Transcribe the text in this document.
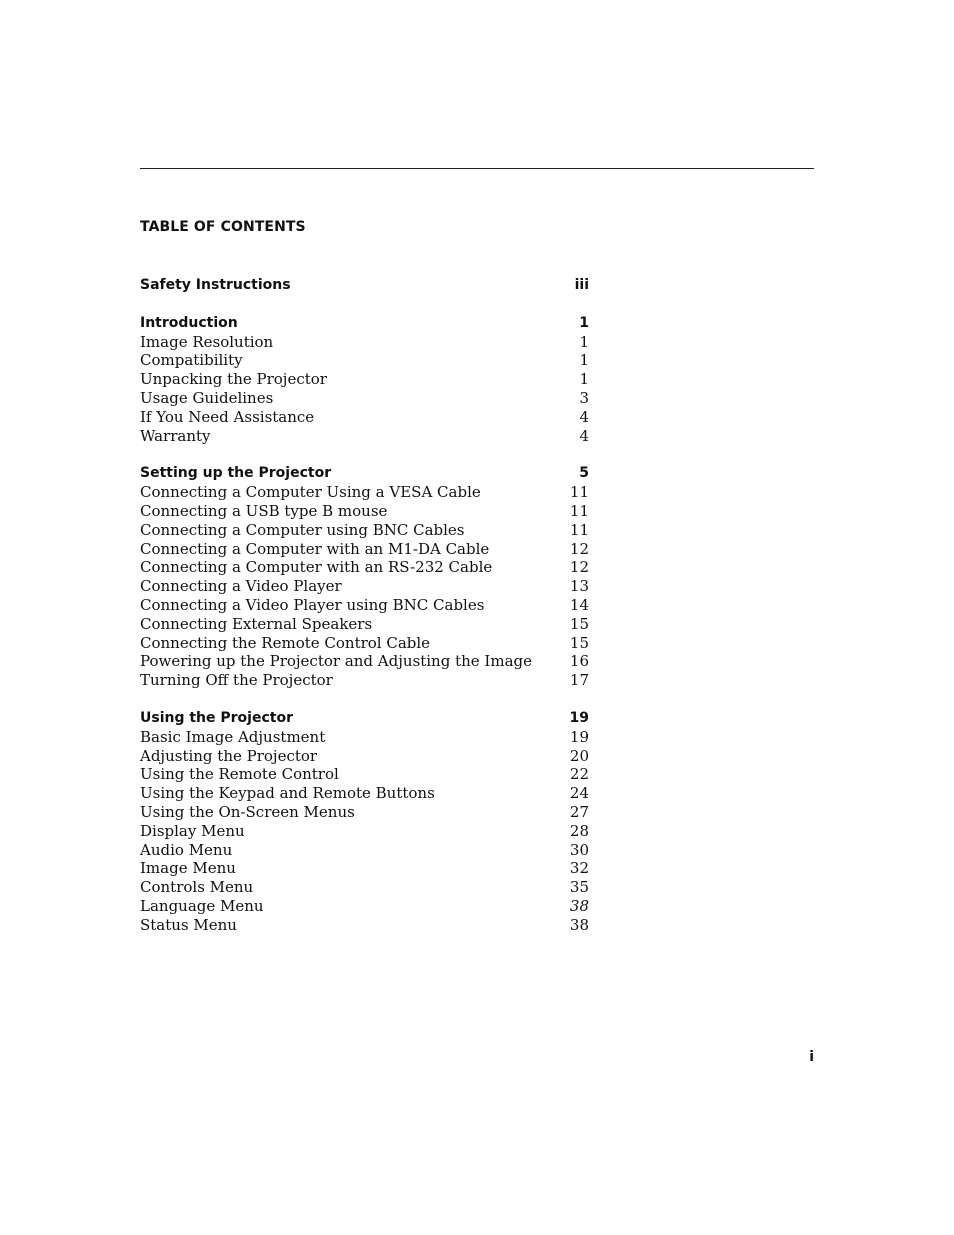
TABLE OF CONTENTS
Safety Instructions	iii
Introduction	1
Image Resolution	1
Compatibility	1
Unpacking the Projector	1
Usage Guidelines	3
If You Need Assistance	4
Warranty	4
Setting up the Projector	5
Connecting a Computer Using a VESA Cable	11
Connecting a USB type B mouse	11
Connecting a Computer using BNC Cables	11
Connecting a Computer with an M1-DA Cable	12
Connecting a Computer with an RS-232 Cable	12
Connecting a Video Player	13
Connecting a Video Player using BNC Cables	14
Connecting External Speakers	15
Connecting the Remote Control Cable	15
Powering up the Projector and Adjusting the Image	16
Turning Off the Projector	17
Using the Projector	19
Basic Image Adjustment	19
Adjusting the Projector	20
Using the Remote Control	22
Using the Keypad and Remote Buttons	24
Using the On-Screen Menus	27
Display Menu	28
Audio Menu	30
Image Menu	32
Controls Menu	35
Language Menu	38
Status Menu	38
i
